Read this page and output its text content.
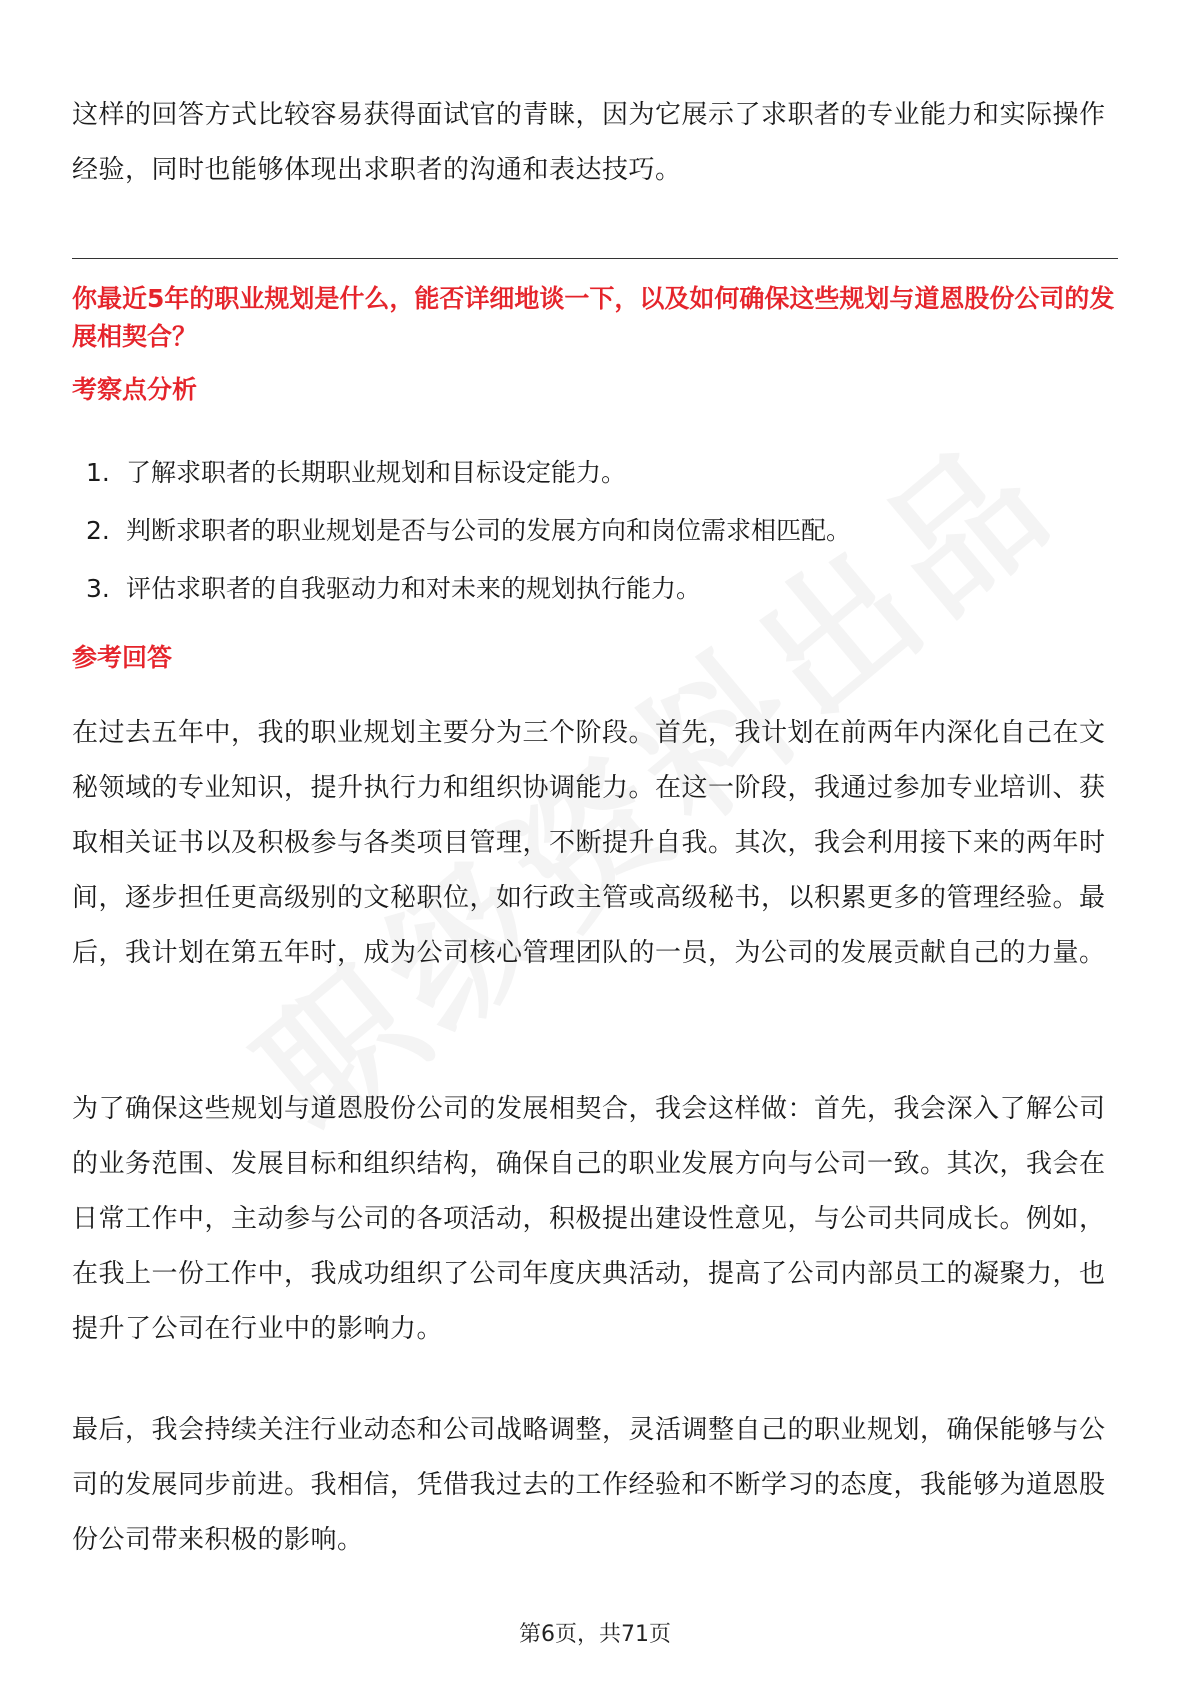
这样的回答方式比较容易获得面试官的青睐，因为它展示了求职者的专业能力和实际操作经验，同时也能够体现出求职者的沟通和表达技巧。

你最近5年的职业规划是什么，能否详细地谈一下，以及如何确保这些规划与道恩股份公司的发展相契合？
考察点分析
1. 了解求职者的长期职业规划和目标设定能力。
2. 判断求职者的职业规划是否与公司的发展方向和岗位需求相匹配。
3. 评估求职者的自我驱动力和对未来的规划执行能力。
参考回答

在过去五年中，我的职业规划主要分为三个阶段。首先，我计划在前两年内深化自己在文秘领域的专业知识，提升执行力和组织协调能力。在这一阶段，我通过参加专业培训、获取相关证书以及积极参与各类项目管理，不断提升自我。其次，我会利用接下来的两年时间，逐步担任更高级别的文秘职位，如行政主管或高级秘书，以积累更多的管理经验。最后，我计划在第五年时，成为公司核心管理团队的一员，为公司的发展贡献自己的力量。

为了确保这些规划与道恩股份公司的发展相契合，我会这样做：首先，我会深入了解公司的业务范围、发展目标和组织结构，确保自己的职业发展方向与公司一致。其次，我会在日常工作中，主动参与公司的各项活动，积极提出建设性意见，与公司共同成长。例如，在我上一份工作中，我成功组织了公司年度庆典活动，提高了公司内部员工的凝聚力，也提升了公司在行业中的影响力。

最后，我会持续关注行业动态和公司战略调整，灵活调整自己的职业规划，确保能够与公司的发展同步前进。我相信，凭借我过去的工作经验和不断学习的态度，我能够为道恩股份公司带来积极的影响。

第6页，共71页
